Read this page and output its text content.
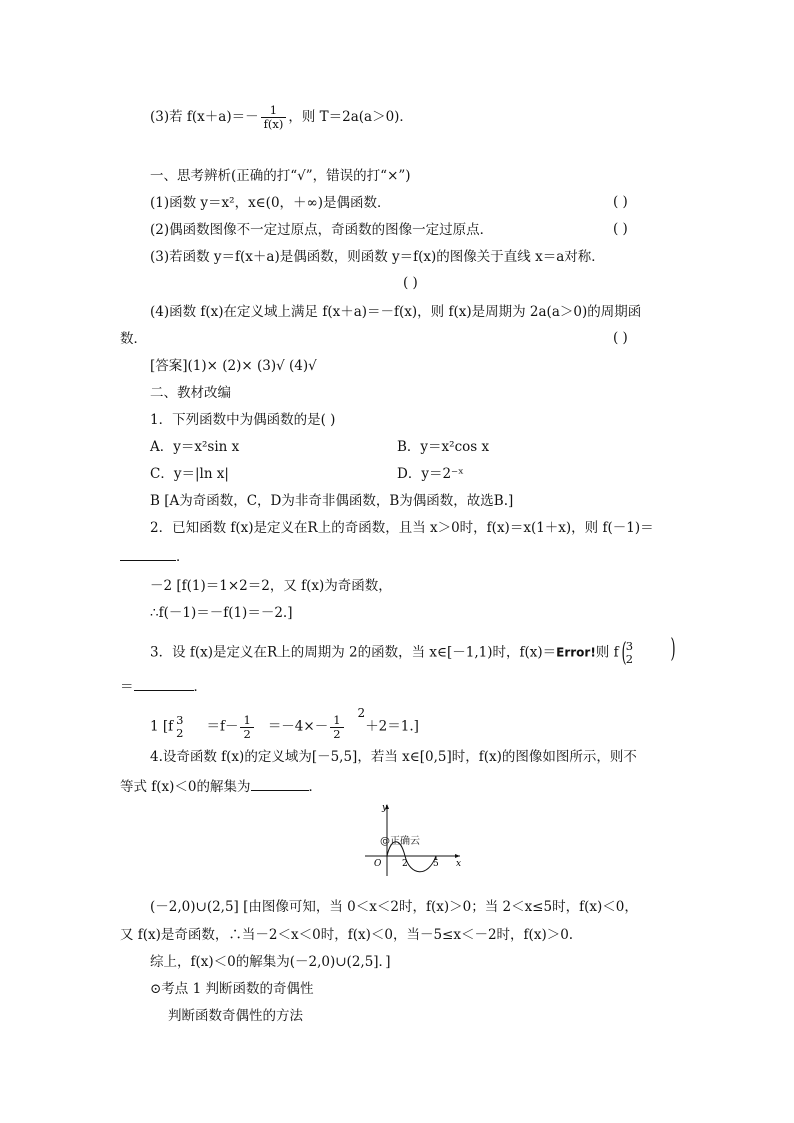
(3)若 $f(x+a)=- \frac{1}{f(x)}$ ，则 T＝2a(a＞0)．
一、思考辨析(正确的打“√”，错误的打“×”)
(1)函数 y＝x²，x∈(0，＋∞)是偶函数．	( )
(2)偶函数图像不一定过原点，奇函数的图像一定过原点．	( )
(3)若函数 y＝f(x＋a)是偶函数，则函数 y＝f(x)的图像关于直线 x＝a对称．
( )
(4)函数 f(x)在定义域上满足 f(x＋a)＝－f(x)，则 f(x)是周期为 2a(a＞0)的周期函
数．	( )
[答案](1)× (2)× (3)√ (4)√
二、教材改编
1．下列函数中为偶函数的是( )
A．y＝x²sin x	B．y＝x²cos x
C．y＝|ln x|	D．y＝2⁻ˣ
B [A为奇函数，C，D为非奇非偶函数，B为偶函数，故选B.]
2．已知函数 f(x)是定义在R上的奇函数，且当 x＞0时，f(x)＝x(1＋x)，则 f(－1)＝
．
－2 [f(1)＝1×2＝2，又 f(x)为奇函数，
∴f(－1)＝－f(1)＝－2.]
3．设 f(x)是定义在R上的周期为 2的函数，当 x∈[－1,1)时，f(x)＝Error!则 f( 3
2 )
＝	．
1 [f 3
$2 =f- \frac{1}{2} =-4\times- \frac{1}{2}$
$^2$＋2＝1.]
4.设奇函数 f(x)的定义域为[－5,5]，若当 x∈[0,5]时，f(x)的图像如图所示，则不
等式 f(x)＜0的解集为	．
y
x
O 2	5
@正确云
(－2,0)∪(2,5] [由图像可知，当 0＜x＜2时，f(x)＞0；当 2＜x≤5时，f(x)＜0，
又 f(x)是奇函数，∴当－2＜x＜0时，f(x)＜0，当－5≤x＜－2时，f(x)＞0.
综上，f(x)＜0的解集为(－2,0)∪(2,5]．]
⊙考点 1 判断函数的奇偶性
判断函数奇偶性的方法
